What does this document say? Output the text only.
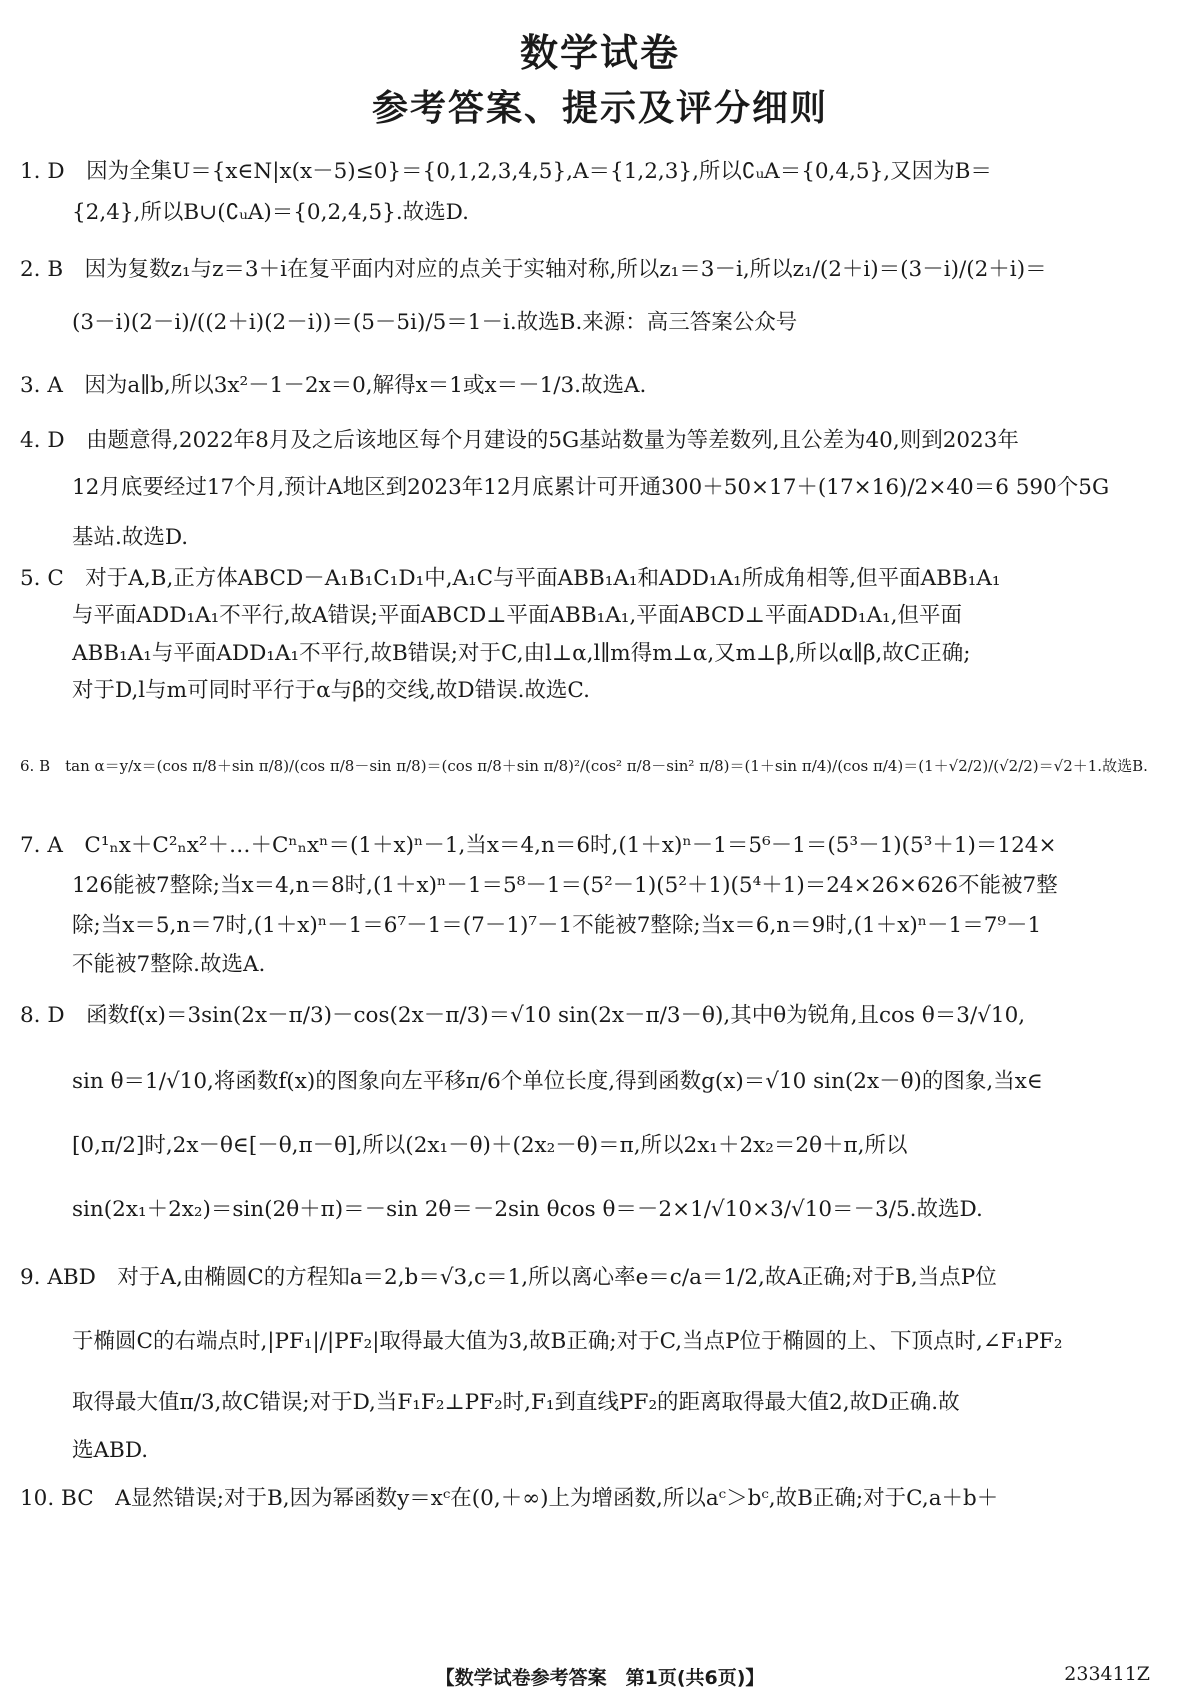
数学试卷
参考答案、提示及评分细则
1. D　因为全集U＝{x∈N|x(x－5)≤0}＝{0,1,2,3,4,5},A＝{1,2,3},所以∁ᵤA＝{0,4,5},又因为B＝
{2,4},所以B∪(∁ᵤA)＝{0,2,4,5}.故选D.
2. B　因为复数z₁与z＝3＋i在复平面内对应的点关于实轴对称,所以z₁＝3－i,所以z₁/(2＋i)＝(3－i)/(2＋i)＝
(3－i)(2－i)/((2＋i)(2－i))＝(5－5i)/5＝1－i.故选B.来源：高三答案公众号
3. A　因为a∥b,所以3x²－1－2x＝0,解得x＝1或x＝－1/3.故选A.
4. D　由题意得,2022年8月及之后该地区每个月建设的5G基站数量为等差数列,且公差为40,则到2023年
12月底要经过17个月,预计A地区到2023年12月底累计可开通300＋50×17＋(17×16)/2×40＝6 590个5G
基站.故选D.
5. C　对于A,B,正方体ABCD－A₁B₁C₁D₁中,A₁C与平面ABB₁A₁和ADD₁A₁所成角相等,但平面ABB₁A₁
与平面ADD₁A₁不平行,故A错误;平面ABCD⊥平面ABB₁A₁,平面ABCD⊥平面ADD₁A₁,但平面
ABB₁A₁与平面ADD₁A₁不平行,故B错误;对于C,由l⊥α,l∥m得m⊥α,又m⊥β,所以α∥β,故C正确;
对于D,l与m可同时平行于α与β的交线,故D错误.故选C.
6. B　tan α＝y/x＝(cos π/8＋sin π/8)/(cos π/8－sin π/8)＝(cos π/8＋sin π/8)²/(cos² π/8－sin² π/8)＝(1＋sin π/4)/(cos π/4)＝(1＋√2/2)/(√2/2)＝√2＋1.故选B.
7. A　C¹ₙx＋C²ₙx²＋…＋Cⁿₙxⁿ＝(1＋x)ⁿ－1,当x＝4,n＝6时,(1＋x)ⁿ－1＝5⁶－1＝(5³－1)(5³＋1)＝124×
126能被7整除;当x＝4,n＝8时,(1＋x)ⁿ－1＝5⁸－1＝(5²－1)(5²＋1)(5⁴＋1)＝24×26×626不能被7整
除;当x＝5,n＝7时,(1＋x)ⁿ－1＝6⁷－1＝(7－1)⁷－1不能被7整除;当x＝6,n＝9时,(1＋x)ⁿ－1＝7⁹－1
不能被7整除.故选A.
8. D　函数f(x)＝3sin(2x－π/3)－cos(2x－π/3)＝√10 sin(2x－π/3－θ),其中θ为锐角,且cos θ＝3/√10,
sin θ＝1/√10,将函数f(x)的图象向左平移π/6个单位长度,得到函数g(x)＝√10 sin(2x－θ)的图象,当x∈
[0,π/2]时,2x－θ∈[－θ,π－θ],所以(2x₁－θ)＋(2x₂－θ)＝π,所以2x₁＋2x₂＝2θ＋π,所以
sin(2x₁＋2x₂)＝sin(2θ＋π)＝－sin 2θ＝－2sin θcos θ＝－2×1/√10×3/√10＝－3/5.故选D.
9. ABD　对于A,由椭圆C的方程知a＝2,b＝√3,c＝1,所以离心率e＝c/a＝1/2,故A正确;对于B,当点P位
于椭圆C的右端点时,|PF₁|/|PF₂|取得最大值为3,故B正确;对于C,当点P位于椭圆的上、下顶点时,∠F₁PF₂
取得最大值π/3,故C错误;对于D,当F₁F₂⊥PF₂时,F₁到直线PF₂的距离取得最大值2,故D正确.故
选ABD.
10. BC　A显然错误;对于B,因为幂函数y＝xᶜ在(0,＋∞)上为增函数,所以aᶜ＞bᶜ,故B正确;对于C,a＋b＋
【数学试卷参考答案　第1页(共6页)】	233411Z
